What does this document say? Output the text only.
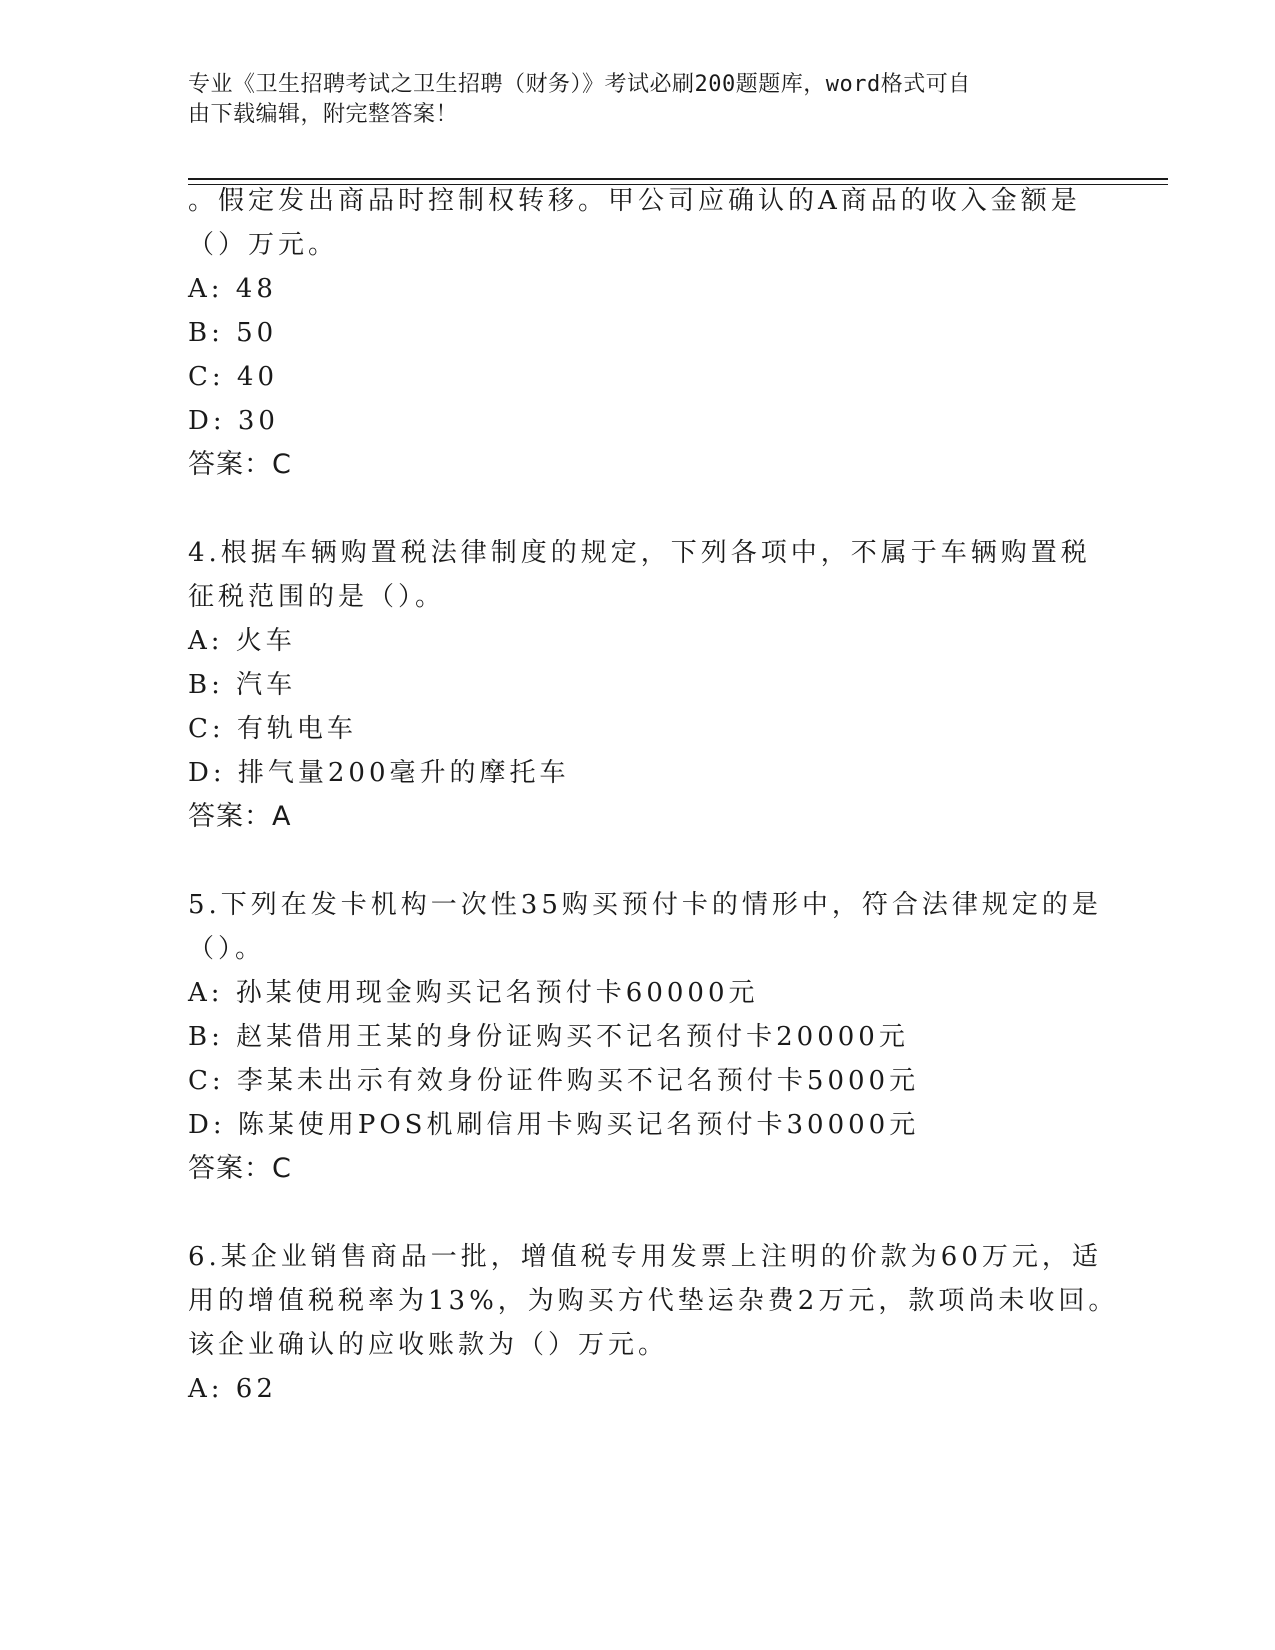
专业《卫生招聘考试之卫生招聘（财务）》考试必刷200题题库，word格式可自
由下载编辑，附完整答案！
。假定发出商品时控制权转移。甲公司应确认的A商品的收入金额是
（）万元。
A: 48
B: 50
C: 40
D: 30
答案：C
4.根据车辆购置税法律制度的规定，下列各项中，不属于车辆购置税
征税范围的是（）。
A: 火车
B: 汽车
C: 有轨电车
D: 排气量200毫升的摩托车
答案：A
5.下列在发卡机构一次性35购买预付卡的情形中，符合法律规定的是
（）。
A: 孙某使用现金购买记名预付卡60000元
B: 赵某借用王某的身份证购买不记名预付卡20000元
C: 李某未出示有效身份证件购买不记名预付卡5000元
D: 陈某使用POS机刷信用卡购买记名预付卡30000元
答案：C
6.某企业销售商品一批，增值税专用发票上注明的价款为60万元，适
用的增值税税率为13%，为购买方代垫运杂费2万元，款项尚未收回。
该企业确认的应收账款为（）万元。
A: 62
